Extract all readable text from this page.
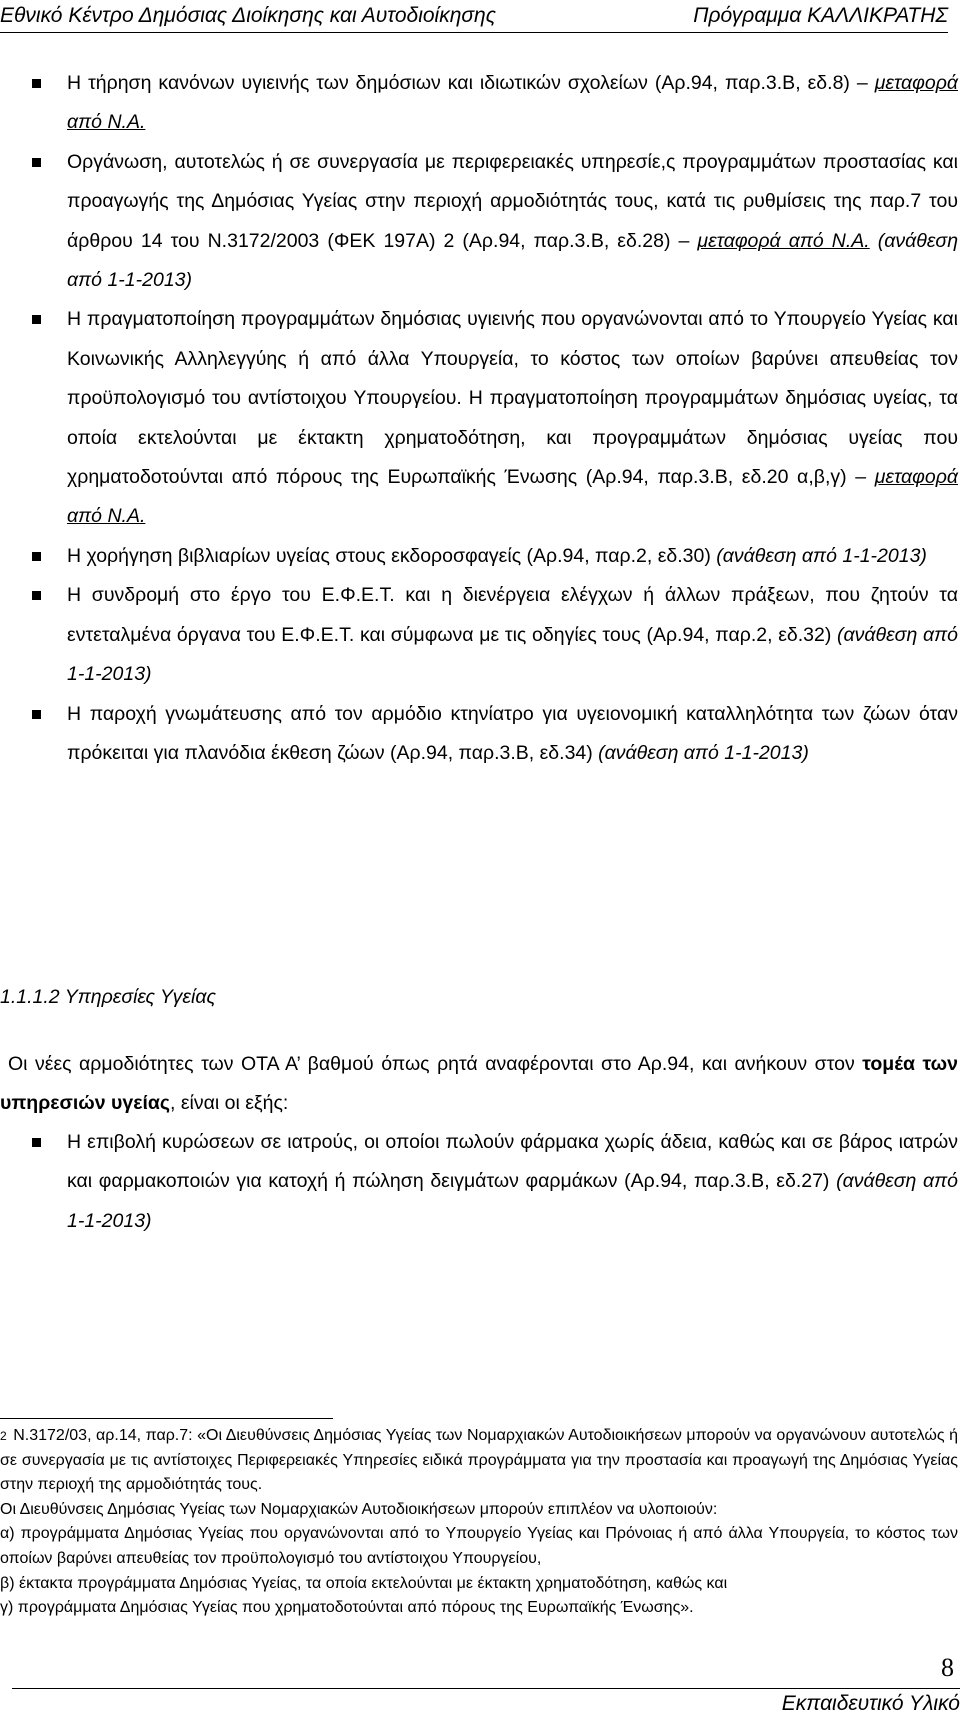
Εθνικό Κέντρο Δημόσιας Διοίκησης και Αυτοδιοίκησης	Πρόγραμμα ΚΑΛΛΙΚΡΑΤΗΣ
Η τήρηση κανόνων υγιεινής των δημόσιων και ιδιωτικών σχολείων (Αρ.94, παρ.3.Β, εδ.8) – μεταφορά από Ν.Α.
Οργάνωση, αυτοτελώς ή σε συνεργασία με περιφερειακές υπηρεσίε,ς προγραμμάτων προστασίας και προαγωγής της Δημόσιας Υγείας στην περιοχή αρμοδιότητάς τους, κατά τις ρυθμίσεις της παρ.7 του άρθρου 14 του Ν.3172/2003 (ΦΕΚ 197Α) 2 (Αρ.94, παρ.3.Β, εδ.28) – μεταφορά από Ν.Α. (ανάθεση από 1-1-2013)
Η πραγματοποίηση προγραμμάτων δημόσιας υγιεινής που οργανώνονται από το Υπουργείο Υγείας και Κοινωνικής Αλληλεγγύης ή από άλλα Υπουργεία, το κόστος των οποίων βαρύνει απευθείας τον προϋπολογισμό του αντίστοιχου Υπουργείου. Η πραγματοποίηση προγραμμάτων δημόσιας υγείας, τα οποία εκτελούνται με έκτακτη χρηματοδότηση, και προγραμμάτων δημόσιας υγείας που χρηματοδοτούνται από πόρους της Ευρωπαϊκής Ένωσης (Αρ.94, παρ.3.Β, εδ.20 α,β,γ) – μεταφορά από Ν.Α.
Η χορήγηση βιβλιαρίων υγείας στους εκδοροσφαγείς (Αρ.94, παρ.2, εδ.30) (ανάθεση από 1-1-2013)
Η συνδρομή στο έργο του Ε.Φ.Ε.Τ. και η διενέργεια ελέγχων ή άλλων πράξεων, που ζητούν τα εντεταλμένα όργανα του Ε.Φ.Ε.Τ. και σύμφωνα με τις οδηγίες τους (Αρ.94, παρ.2, εδ.32) (ανάθεση από 1-1-2013)
Η παροχή γνωμάτευσης από τον αρμόδιο κτηνίατρο για υγειονομική καταλληλότητα των ζώων όταν πρόκειται για πλανόδια έκθεση ζώων (Αρ.94, παρ.3.Β, εδ.34) (ανάθεση από 1-1-2013)
1.1.1.2 Υπηρεσίες Υγείας
Οι νέες αρμοδιότητες των ΟΤΑ Α’ βαθμού όπως ρητά αναφέρονται στο Αρ.94, και ανήκουν στον τομέα των υπηρεσιών υγείας, είναι οι εξής:
Η επιβολή κυρώσεων σε ιατρούς, οι οποίοι πωλούν φάρμακα χωρίς άδεια, καθώς και σε βάρος ιατρών και φαρμακοποιών για κατοχή ή πώληση δειγμάτων φαρμάκων (Αρ.94, παρ.3.Β, εδ.27) (ανάθεση από 1-1-2013)

2 Ν.3172/03, αρ.14, παρ.7: «Οι Διευθύνσεις Δημόσιας Υγείας των Νομαρχιακών Αυτοδιοικήσεων μπορούν να οργανώνουν αυτοτελώς ή σε συνεργασία με τις αντίστοιχες Περιφερειακές Υπηρεσίες ειδικά προγράμματα για την προστασία και προαγωγή της Δημόσιας Υγείας στην περιοχή της αρμοδιότητάς τους.

Οι Διευθύνσεις Δημόσιας Υγείας των Νομαρχιακών Αυτοδιοικήσεων μπορούν επιπλέον να υλοποιούν:

α) προγράμματα Δημόσιας Υγείας που οργανώνονται από το Υπουργείο Υγείας και Πρόνοιας ή από άλλα Υπουργεία, το κόστος των οποίων βαρύνει απευθείας τον προϋπολογισμό του αντίστοιχου Υπουργείου,

β) έκτακτα προγράμματα Δημόσιας Υγείας, τα οποία εκτελούνται με έκτακτη χρηματοδότηση, καθώς και

γ) προγράμματα Δημόσιας Υγείας που χρηματοδοτούνται από πόρους της Ευρωπαϊκής Ένωσης».

8
Εκπαιδευτικό Υλικό
